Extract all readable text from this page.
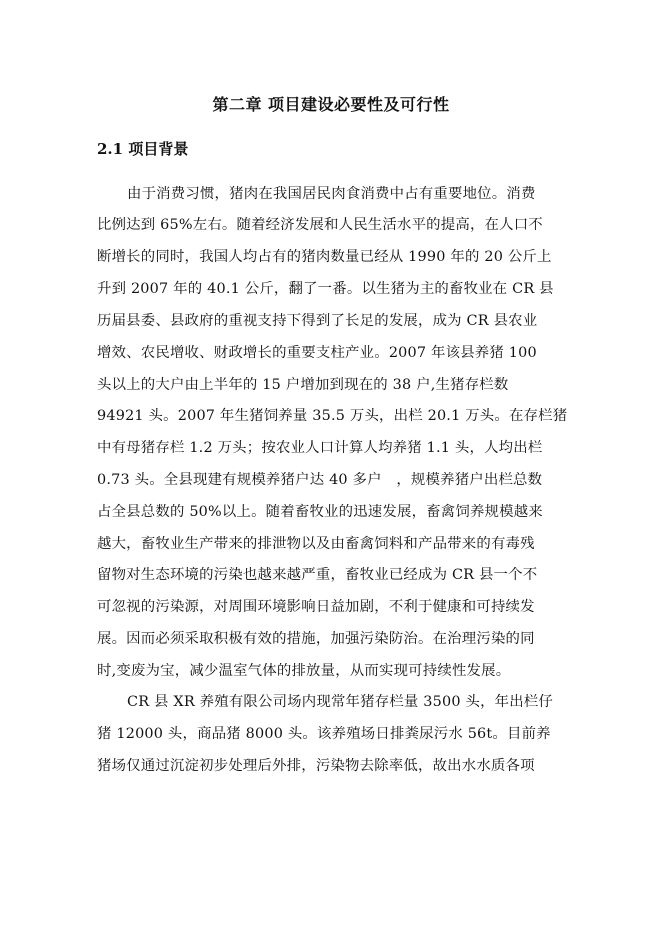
第二章 项目建设必要性及可行性
2.1 项目背景
由于消费习惯，猪肉在我国居民肉食消费中占有重要地位。消费
比例达到 65%左右。随着经济发展和人民生活水平的提高，在人口不
断增长的同时，我国人均占有的猪肉数量已经从 1990 年的 20 公斤上
升到 2007 年的 40.1 公斤，翻了一番。以生猪为主的畜牧业在 CR 县
历届县委、县政府的重视支持下得到了长足的发展，成为 CR 县农业
增效、农民增收、财政增长的重要支柱产业。2007 年该县养猪 100
头以上的大户由上半年的 15 户增加到现在的 38 户,生猪存栏数
94921 头。2007 年生猪饲养量 35.5 万头，出栏 20.1 万头。在存栏猪
中有母猪存栏 1.2 万头；按农业人口计算人均养猪 1.1 头，人均出栏
0.73 头。全县现建有规模养猪户达 40 多户　，规模养猪户出栏总数
占全县总数的 50%以上。随着畜牧业的迅速发展，畜禽饲养规模越来
越大，畜牧业生产带来的排泄物以及由畜禽饲料和产品带来的有毒残
留物对生态环境的污染也越来越严重，畜牧业已经成为 CR 县一个不
可忽视的污染源，对周围环境影响日益加剧，不利于健康和可持续发
展。因而必须采取积极有效的措施，加强污染防治。在治理污染的同
时,变废为宝，减少温室气体的排放量，从而实现可持续性发展。
CR 县 XR 养殖有限公司场内现常年猪存栏量 3500 头，年出栏仔
猪 12000 头，商品猪 8000 头。该养殖场日排粪尿污水 56t。目前养
猪场仅通过沉淀初步处理后外排，污染物去除率低，故出水水质各项
